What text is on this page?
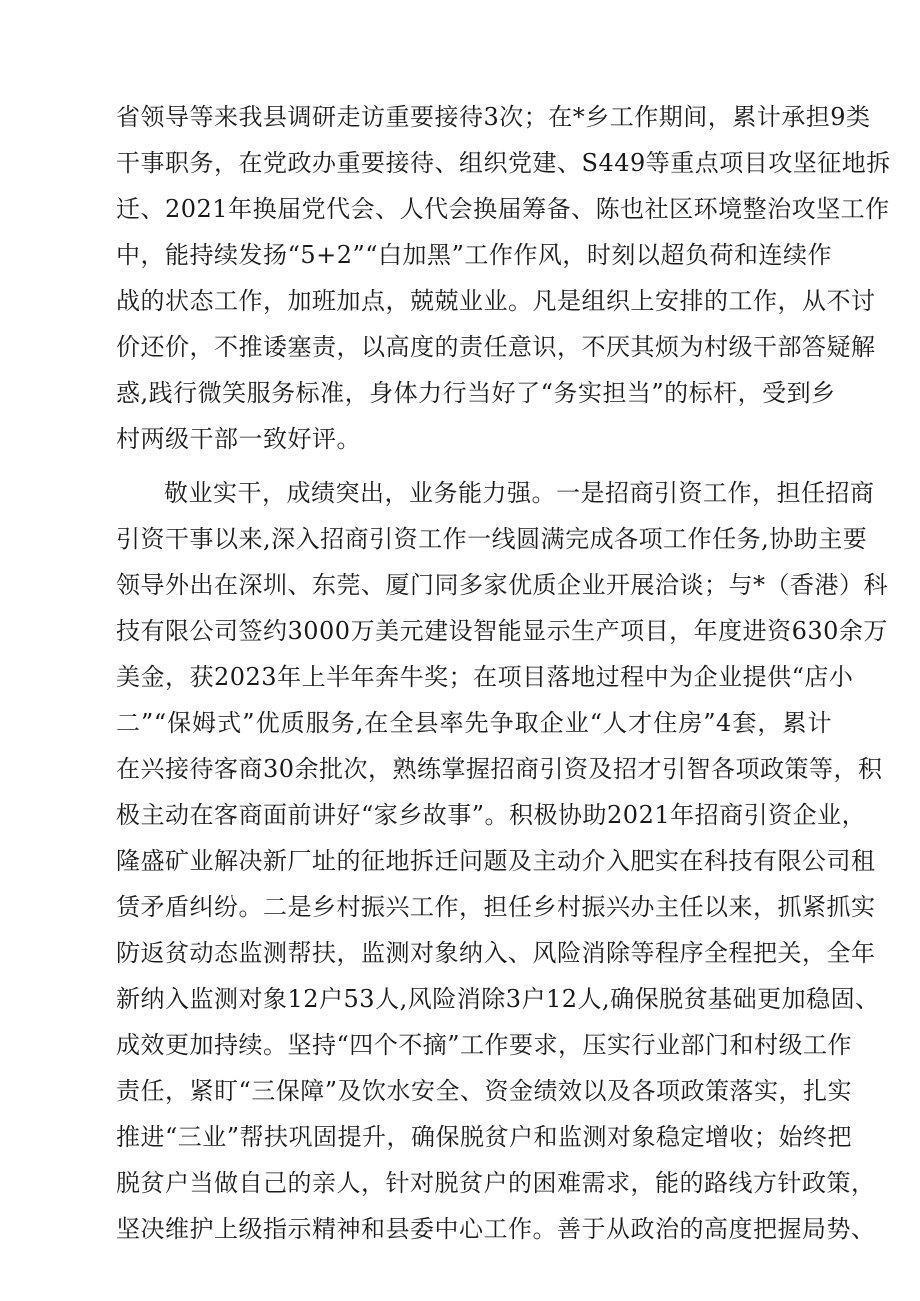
省领导等来我县调研走访重要接待3次；在*乡工作期间，累计承担9类
干事职务，在党政办重要接待、组织党建、S449等重点项目攻坚征地拆
迁、2021年换届党代会、人代会换届筹备、陈也社区环境整治攻坚工作
中，能持续发扬“5+2”“白加黑”工作作风，时刻以超负荷和连续作
战的状态工作，加班加点，兢兢业业。凡是组织上安排的工作，从不讨
价还价，不推诿塞责，以高度的责任意识，不厌其烦为村级干部答疑解
惑,践行微笑服务标准，身体力行当好了“务实担当”的标杆，受到乡
村两级干部一致好评。
敬业实干，成绩突出，业务能力强。一是招商引资工作，担任招商
引资干事以来,深入招商引资工作一线圆满完成各项工作任务,协助主要
领导外出在深圳、东莞、厦门同多家优质企业开展洽谈；与*（香港）科
技有限公司签约3000万美元建设智能显示生产项目，年度进资630余万
美金，获2023年上半年奔牛奖；在项目落地过程中为企业提供“店小
二”“保姆式”优质服务,在全县率先争取企业“人才住房”4套，累计
在兴接待客商30余批次，熟练掌握招商引资及招才引智各项政策等，积
极主动在客商面前讲好“家乡故事”。积极协助2021年招商引资企业，
隆盛矿业解决新厂址的征地拆迁问题及主动介入肥实在科技有限公司租
赁矛盾纠纷。二是乡村振兴工作，担任乡村振兴办主任以来，抓紧抓实
防返贫动态监测帮扶，监测对象纳入、风险消除等程序全程把关，全年
新纳入监测对象12户53人,风险消除3户12人,确保脱贫基础更加稳固、
成效更加持续。坚持“四个不摘”工作要求，压实行业部门和村级工作
责任，紧盯“三保障”及饮水安全、资金绩效以及各项政策落实，扎实
推进“三业”帮扶巩固提升，确保脱贫户和监测对象稳定增收；始终把
脱贫户当做自己的亲人，针对脱贫户的困难需求，能的路线方针政策，
坚决维护上级指示精神和县委中心工作。善于从政治的高度把握局势、
